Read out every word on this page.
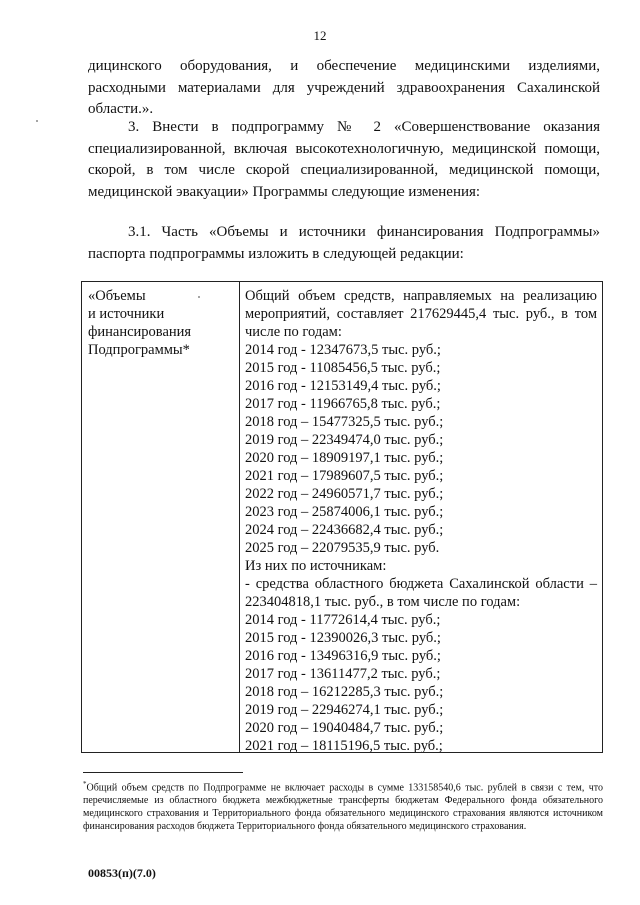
12
дицинского оборудования, и обеспечение медицинскими изделиями, расходными материалами для учреждений здравоохранения Сахалинской области.».
3. Внести в подпрограмму № 2 «Совершенствование оказания специализированной, включая высокотехнологичную, медицинской помощи, скорой, в том числе скорой специализированной, медицинской помощи, медицинской эвакуации» Программы следующие изменения:
3.1. Часть «Объемы и источники финансирования Подпрограммы» паспорта подпрограммы изложить в следующей редакции:
«Объемы
и источники
финансирования
Подпрограммы*
Общий объем средств, направляемых на реализацию мероприятий, составляет 217629445,4 тыс. руб., в том числе по годам:
2014 год - 12347673,5 тыс. руб.;
2015 год - 11085456,5 тыс. руб.;
2016 год - 12153149,4 тыс. руб.;
2017 год - 11966765,8 тыс. руб.;
2018 год – 15477325,5 тыс. руб.;
2019 год – 22349474,0 тыс. руб.;
2020 год – 18909197,1 тыс. руб.;
2021 год – 17989607,5 тыс. руб.;
2022 год – 24960571,7 тыс. руб.;
2023 год – 25874006,1 тыс. руб.;
2024 год – 22436682,4 тыс. руб.;
2025 год – 22079535,9 тыс. руб.
Из них по источникам:
- средства областного бюджета Сахалинской области – 223404818,1 тыс. руб., в том числе по годам:
2014 год - 11772614,4 тыс. руб.;
2015 год - 12390026,3 тыс. руб.;
2016 год - 13496316,9 тыс. руб.;
2017 год - 13611477,2 тыс. руб.;
2018 год – 16212285,3 тыс. руб.;
2019 год – 22946274,1 тыс. руб.;
2020 год – 19040484,7 тыс. руб.;
2021 год – 18115196,5 тыс. руб.;
*Общий объем средств по Подпрограмме не включает расходы в сумме 133158540,6 тыс. рублей в связи с тем, что перечисляемые из областного бюджета межбюджетные трансферты бюджетам Федерального фонда обязательного медицинского страхования и Территориального фонда обязательного медицинского страхования являются источником финансирования расходов бюджета Территориального фонда обязательного медицинского страхования.
00853(п)(7.0)
